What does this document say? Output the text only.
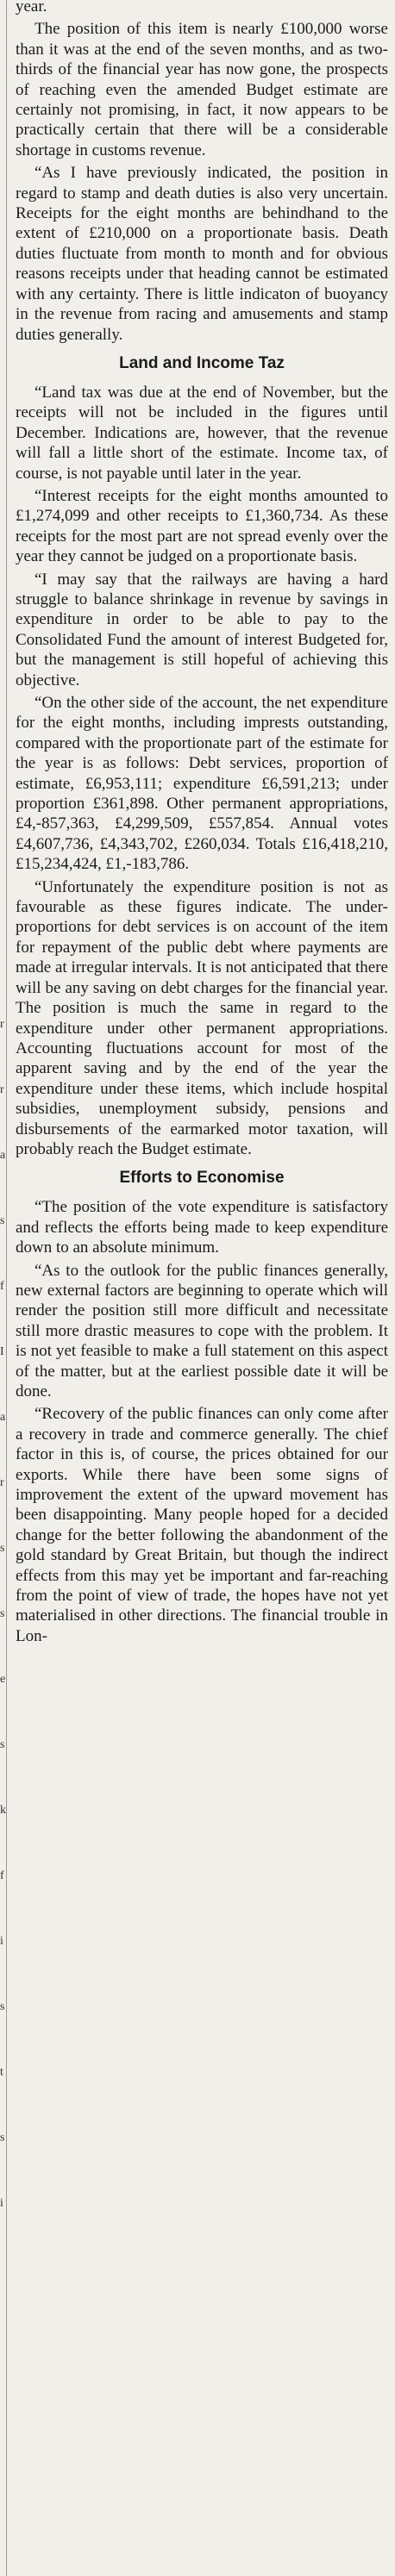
r
r
a
s
f
I
a
r
s
s
e
s
k
f
i
s
t
s
i

year.

The position of this item is nearly £100,000 worse than it was at the end of the seven months, and as two-thirds of the financial year has now gone, the prospects of reaching even the amended Budget estimate are certainly not promising, in fact, it now appears to be practically certain that there will be a considerable shortage in customs revenue.

“As I have previously indicated, the position in regard to stamp and death duties is also very uncertain. Receipts for the eight months are behindhand to the extent of £210,000 on a proportionate basis. Death duties fluctuate from month to month and for obvious reasons receipts under that heading cannot be estimated with any certainty. There is little indicaton of buoyancy in the revenue from racing and amusements and stamp duties generally.

Land and Income Taz

“Land tax was due at the end of November, but the receipts will not be included in the figures until December. Indications are, however, that the revenue will fall a little short of the estimate. Income tax, of course, is not payable until later in the year.

“Interest receipts for the eight months amounted to £1,274,099 and other receipts to £1,360,734. As these receipts for the most part are not spread evenly over the year they cannot be judged on a proportionate basis.

“I may say that the railways are having a hard struggle to balance shrinkage in revenue by savings in expenditure in order to be able to pay to the Consolidated Fund the amount of interest Budgeted for, but the management is still hopeful of achieving this objective.

“On the other side of the account, the net expenditure for the eight months, including imprests outstanding, compared with the proportionate part of the estimate for the year is as follows: Debt services, proportion of estimate, £6,953,111; expenditure £6,591,213; under proportion £361,898. Other permanent appropriations, £4,-857,363, £4,299,509, £557,854. Annual votes £4,607,736, £4,343,702, £260,034. Totals £16,418,210, £15,234,424, £1,-183,786.

“Unfortunately the expenditure position is not as favourable as these figures indicate. The under-proportions for debt services is on account of the item for repayment of the public debt where payments are made at irregular intervals. It is not anticipated that there will be any saving on debt charges for the financial year. The position is much the same in regard to the expenditure under other permanent appropriations. Accounting fluctuations account for most of the apparent saving and by the end of the year the expenditure under these items, which include hospital subsidies, unemployment subsidy, pensions and disbursements of the earmarked motor taxation, will probably reach the Budget estimate.

Efforts to Economise

“The position of the vote expenditure is satisfactory and reflects the efforts being made to keep expenditure down to an absolute minimum.

“As to the outlook for the public finances generally, new external factors are beginning to operate which will render the position still more difficult and necessitate still more drastic measures to cope with the problem. It is not yet feasible to make a full statement on this aspect of the matter, but at the earliest possible date it will be done.

“Recovery of the public finances can only come after a recovery in trade and commerce generally. The chief factor in this is, of course, the prices obtained for our exports. While there have been some signs of improvement the extent of the upward movement has been disappointing. Many people hoped for a decided change for the better following the abandonment of the gold standard by Great Britain, but though the indirect effects from this may yet be important and far-reaching from the point of view of trade, the hopes have not yet materialised in other directions. The financial trouble in Lon-
